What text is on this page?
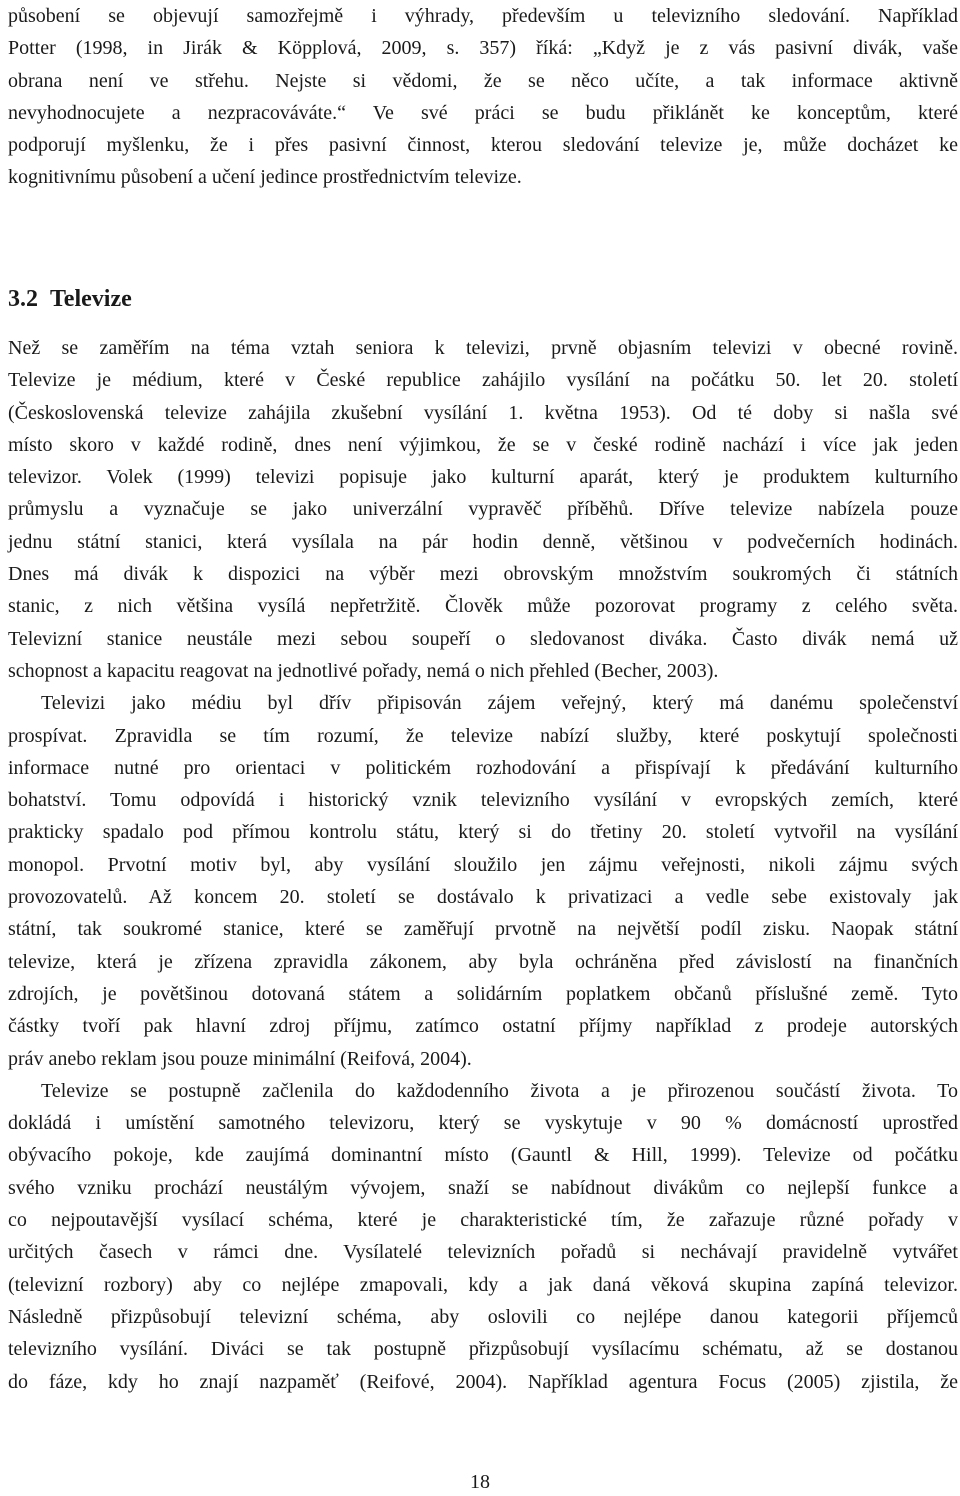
působení se objevují samozřejmě i výhrady, především u televizního sledování. Například
Potter (1998, in Jirák & Köpplová, 2009, s. 357) říká: „Když je z vás pasivní divák, vaše
obrana není ve střehu. Nejste si vědomi, že se něco učíte, a tak informace aktivně
nevyhodnocujete a nezpracováváte.“ Ve své práci se budu přiklánět ke konceptům, které
podporují myšlenku, že i přes pasivní činnost, kterou sledování televize je, může docházet ke
kognitivnímu působení a učení jedince prostřednictvím televize.

3.2 Televize

Než se zaměřím na téma vztah seniora k televizi, prvně objasním televizi v obecné rovině.
Televize je médium, které v České republice zahájilo vysílání na počátku 50. let 20. století
(Československá televize zahájila zkušební vysílání 1. května 1953). Od té doby si našla své
místo skoro v každé rodině, dnes není výjimkou, že se v české rodině nachází i více jak jeden
televizor. Volek (1999) televizi popisuje jako kulturní aparát, který je produktem kulturního
průmyslu a vyznačuje se jako univerzální vypravěč příběhů. Dříve televize nabízela pouze
jednu státní stanici, která vysílala na pár hodin denně, většinou v podvečerních hodinách.
Dnes má divák k dispozici na výběr mezi obrovským množstvím soukromých či státních
stanic, z nich většina vysílá nepřetržitě. Člověk může pozorovat programy z celého světa.
Televizní stanice neustále mezi sebou soupeří o sledovanost diváka. Často divák nemá už
schopnost a kapacitu reagovat na jednotlivé pořady, nemá o nich přehled (Becher, 2003).

Televizi jako médiu byl dřív připisován zájem veřejný, který má danému společenství
prospívat. Zpravidla se tím rozumí, že televize nabízí služby, které poskytují společnosti
informace nutné pro orientaci v politickém rozhodování a přispívají k předávání kulturního
bohatství. Tomu odpovídá i historický vznik televizního vysílání v evropských zemích, které
prakticky spadalo pod přímou kontrolu státu, který si do třetiny 20. století vytvořil na vysílání
monopol. Prvotní motiv byl, aby vysílání sloužilo jen zájmu veřejnosti, nikoli zájmu svých
provozovatelů. Až koncem 20. století se dostávalo k privatizaci a vedle sebe existovaly jak
státní, tak soukromé stanice, které se zaměřují prvotně na největší podíl zisku. Naopak státní
televize, která je zřízena zpravidla zákonem, aby byla ochráněna před závislostí na finančních
zdrojích, je povětšinou dotovaná státem a solidárním poplatkem občanů příslušné země. Tyto
částky tvoří pak hlavní zdroj příjmu, zatímco ostatní příjmy například z prodeje autorských
práv anebo reklam jsou pouze minimální (Reifová, 2004).

Televize se postupně začlenila do každodenního života a je přirozenou součástí života. To
dokládá i umístění samotného televizoru, který se vyskytuje v 90 % domácností uprostřed
obývacího pokoje, kde zaujímá dominantní místo (Gauntl & Hill, 1999). Televize od počátku
svého vzniku prochází neustálým vývojem, snaží se nabídnout divákům co nejlepší funkce a
co nejpoutavější vysílací schéma, které je charakteristické tím, že zařazuje různé pořady v
určitých časech v rámci dne. Vysílatelé televizních pořadů si nechávají pravidelně vytvářet
(televizní rozbory) aby co nejlépe zmapovali, kdy a jak daná věková skupina zapíná televizor.
Následně přizpůsobují televizní schéma, aby oslovili co nejlépe danou kategorii příjemců
televizního vysílání. Diváci se tak postupně přizpůsobují vysílacímu schématu, až se dostanou
do fáze, kdy ho znají nazpaměť (Reifové, 2004). Například agentura Focus (2005) zjistila, že

18
